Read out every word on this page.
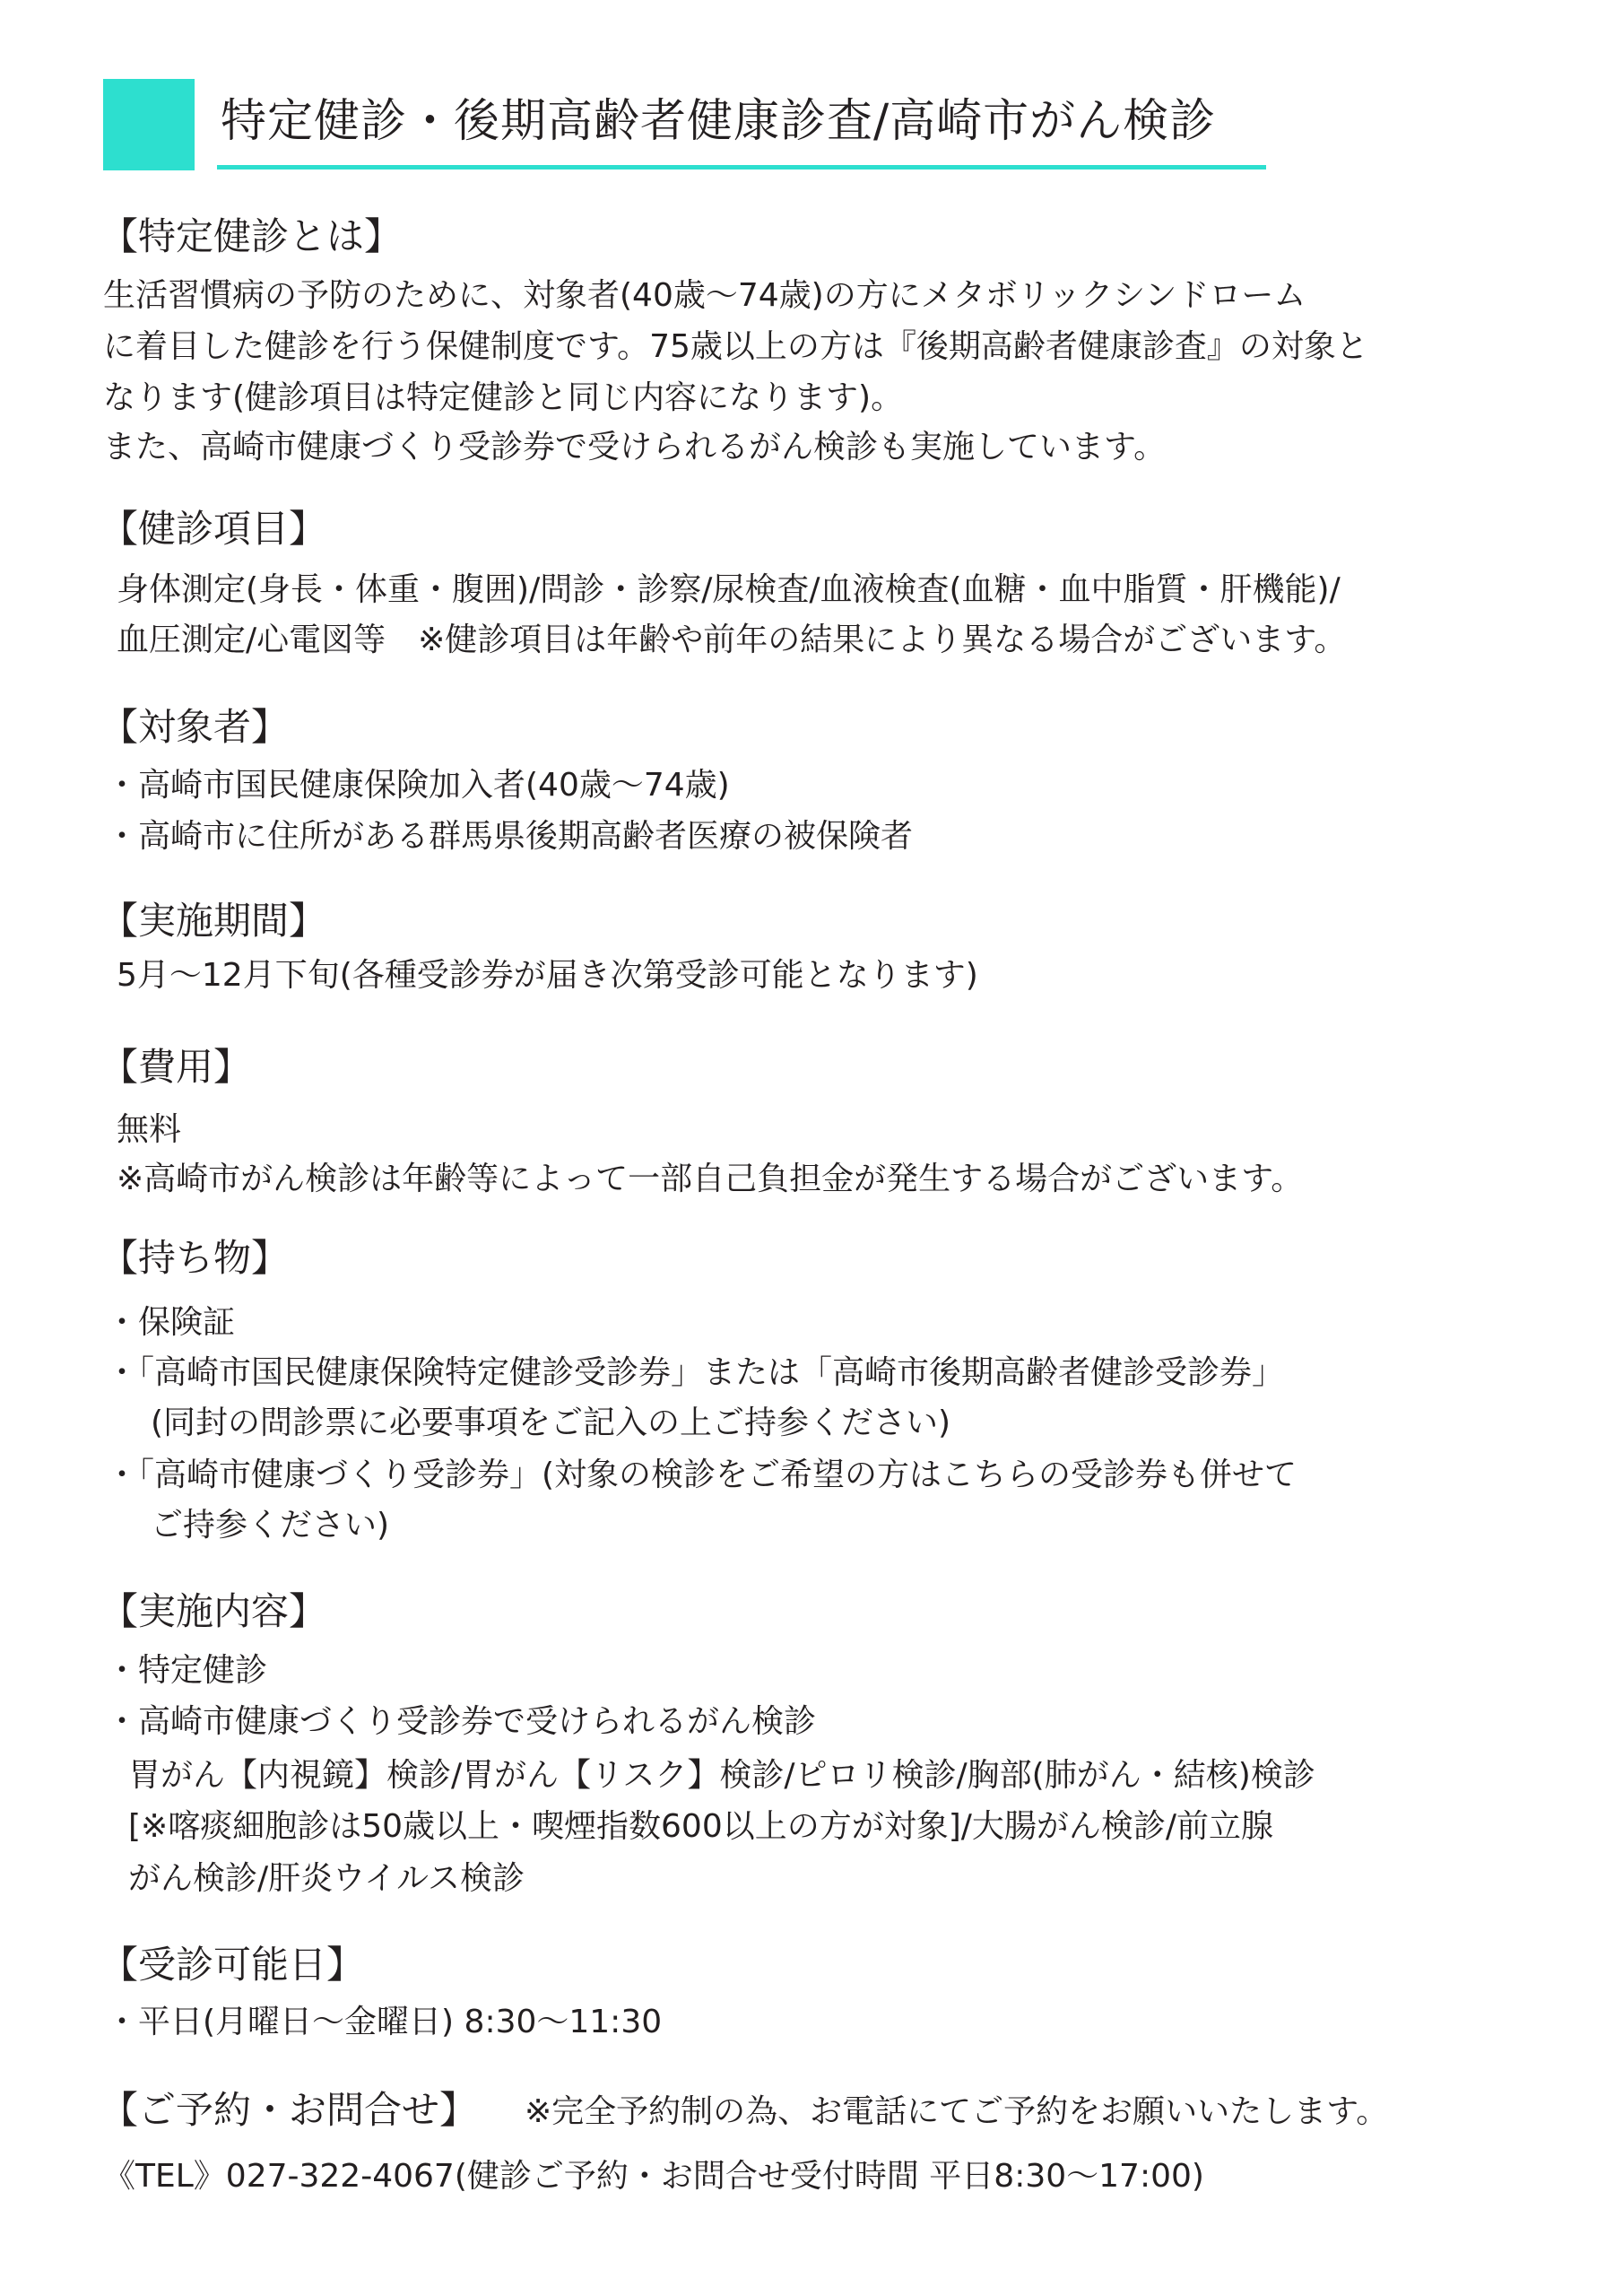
特定健診・後期高齢者健康診査/高崎市がん検診
【特定健診とは】

生活習慣病の予防のために、対象者(40歳～74歳)の方にメタボリックシンドローム

に着目した健診を行う保健制度です。75歳以上の方は『後期高齢者健康診査』の対象と

なります(健診項目は特定健診と同じ内容になります)。

また、高崎市健康づくり受診券で受けられるがん検診も実施しています。

【健診項目】

身体測定(身長・体重・腹囲)/問診・診察/尿検査/血液検査(血糖・血中脂質・肝機能)/

血圧測定/心電図等　※健診項目は年齢や前年の結果により異なる場合がございます。

【対象者】

・高崎市国民健康保険加入者(40歳～74歳)

・高崎市に住所がある群馬県後期高齢者医療の被保険者

【実施期間】

5月～12月下旬(各種受診券が届き次第受診可能となります)

【費用】

無料

※高崎市がん検診は年齢等によって一部自己負担金が発生する場合がございます。

【持ち物】

・保険証

・「高崎市国民健康保険特定健診受診券」または「高崎市後期高齢者健診受診券」

(同封の問診票に必要事項をご記入の上ご持参ください)

・「高崎市健康づくり受診券」(対象の検診をご希望の方はこちらの受診券も併せて

ご持参ください)

【実施内容】

・特定健診

・高崎市健康づくり受診券で受けられるがん検診

胃がん【内視鏡】検診/胃がん【リスク】検診/ピロリ検診/胸部(肺がん・結核)検診

[※喀痰細胞診は50歳以上・喫煙指数600以上の方が対象]/大腸がん検診/前立腺

がん検診/肝炎ウイルス検診

【受診可能日】

・平日(月曜日～金曜日) 8:30～11:30

【ご予約・お問合せ】 ※完全予約制の為、お電話にてご予約をお願いいたします。

《TEL》027-322-4067(健診ご予約・お問合せ受付時間 平日8:30～17:00)
